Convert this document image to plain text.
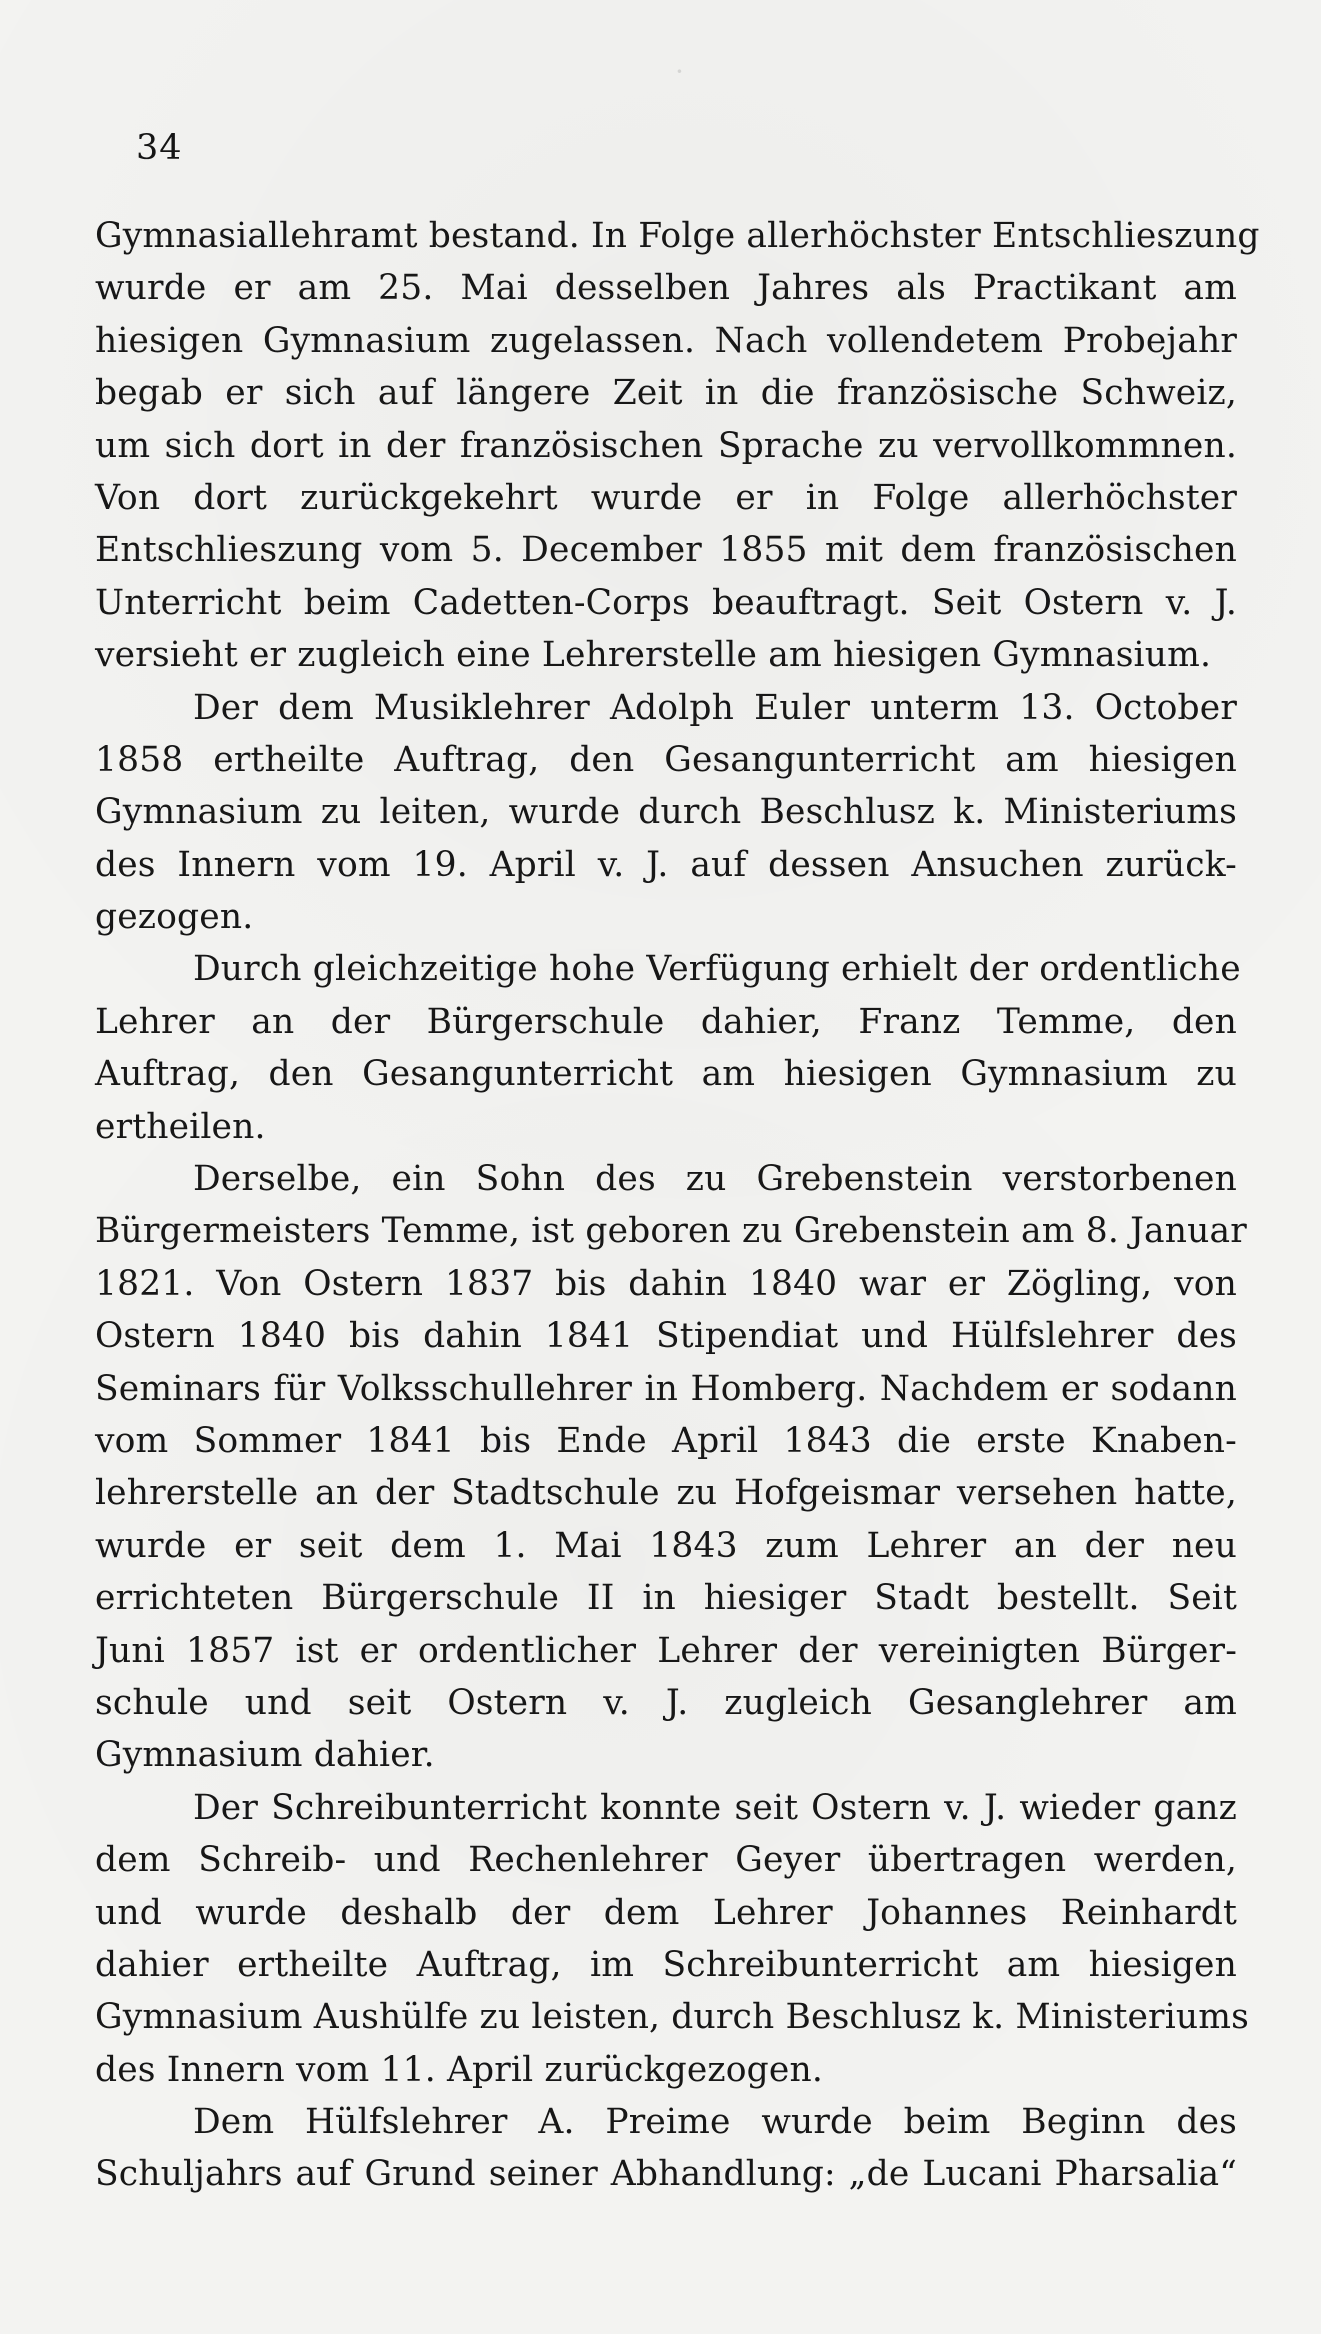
34
Gymnasiallehramt bestand. In Folge allerhöchster Entschlieszung
wurde er am 25. Mai desselben Jahres als Practikant am
hiesigen Gymnasium zugelassen. Nach vollendetem Probejahr
begab er sich auf längere Zeit in die französische Schweiz,
um sich dort in der französischen Sprache zu vervollkommnen.
Von dort zurückgekehrt wurde er in Folge allerhöchster
Entschlieszung vom 5. December 1855 mit dem französischen
Unterricht beim Cadetten-Corps beauftragt. Seit Ostern v. J.
versieht er zugleich eine Lehrerstelle am hiesigen Gymnasium.
Der dem Musiklehrer Adolph Euler unterm 13. October
1858 ertheilte Auftrag, den Gesangunterricht am hiesigen
Gymnasium zu leiten, wurde durch Beschlusz k. Ministeriums
des Innern vom 19. April v. J. auf dessen Ansuchen zurück-
gezogen.
Durch gleichzeitige hohe Verfügung erhielt der ordentliche
Lehrer an der Bürgerschule dahier, Franz Temme, den
Auftrag, den Gesangunterricht am hiesigen Gymnasium zu
ertheilen.
Derselbe, ein Sohn des zu Grebenstein verstorbenen
Bürgermeisters Temme, ist geboren zu Grebenstein am 8. Januar
1821. Von Ostern 1837 bis dahin 1840 war er Zögling, von
Ostern 1840 bis dahin 1841 Stipendiat und Hülfslehrer des
Seminars für Volksschullehrer in Homberg. Nachdem er sodann
vom Sommer 1841 bis Ende April 1843 die erste Knaben-
lehrerstelle an der Stadtschule zu Hofgeismar versehen hatte,
wurde er seit dem 1. Mai 1843 zum Lehrer an der neu
errichteten Bürgerschule II in hiesiger Stadt bestellt. Seit
Juni 1857 ist er ordentlicher Lehrer der vereinigten Bürger-
schule und seit Ostern v. J. zugleich Gesanglehrer am
Gymnasium dahier.
Der Schreibunterricht konnte seit Ostern v. J. wieder ganz
dem Schreib- und Rechenlehrer Geyer übertragen werden,
und wurde deshalb der dem Lehrer Johannes Reinhardt
dahier ertheilte Auftrag, im Schreibunterricht am hiesigen
Gymnasium Aushülfe zu leisten, durch Beschlusz k. Ministeriums
des Innern vom 11. April zurückgezogen.
Dem Hülfslehrer A. Preime wurde beim Beginn des
Schuljahrs auf Grund seiner Abhandlung: „de Lucani Pharsalia“
·
